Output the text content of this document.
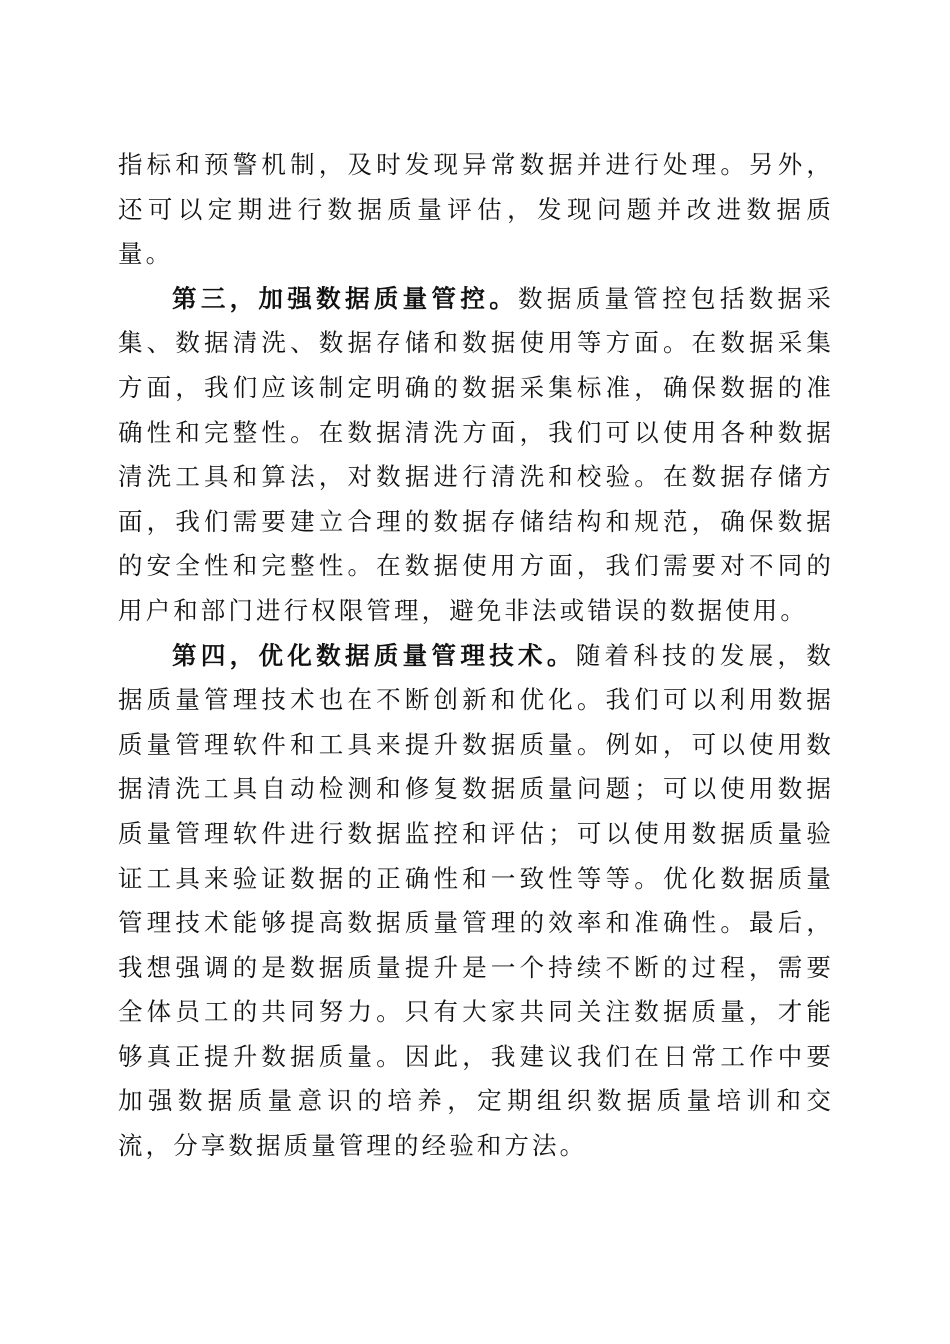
指标和预警机制，及时发现异常数据并进行处理。另外，还可以定期进行数据质量评估，发现问题并改进数据质量。

第三，加强数据质量管控。数据质量管控包括数据采集、数据清洗、数据存储和数据使用等方面。在数据采集方面，我们应该制定明确的数据采集标准，确保数据的准确性和完整性。在数据清洗方面，我们可以使用各种数据清洗工具和算法，对数据进行清洗和校验。在数据存储方面，我们需要建立合理的数据存储结构和规范，确保数据的安全性和完整性。在数据使用方面，我们需要对不同的用户和部门进行权限管理，避免非法或错误的数据使用。

第四，优化数据质量管理技术。随着科技的发展，数据质量管理技术也在不断创新和优化。我们可以利用数据质量管理软件和工具来提升数据质量。例如，可以使用数据清洗工具自动检测和修复数据质量问题；可以使用数据质量管理软件进行数据监控和评估；可以使用数据质量验证工具来验证数据的正确性和一致性等等。优化数据质量管理技术能够提高数据质量管理的效率和准确性。最后，我想强调的是数据质量提升是一个持续不断的过程，需要全体员工的共同努力。只有大家共同关注数据质量，才能够真正提升数据质量。因此，我建议我们在日常工作中要加强数据质量意识的培养，定期组织数据质量培训和交流，分享数据质量管理的经验和方法。
